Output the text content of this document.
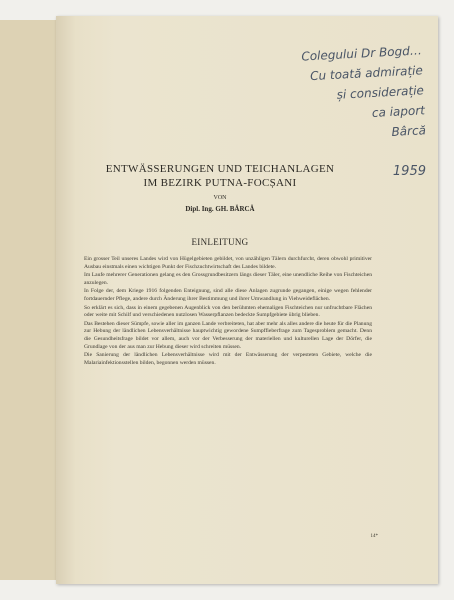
Colegului Dr Bogd…
Cu toată admirație
și considerație
ca iaport
Bârcă
1959
ENTWÄSSERUNGEN UND TEICHANLAGEN
IM BEZIRK PUTNA-FOCȘANI
VON
Dipl. Ing. GH. BĂRCĂ
EINLEITUNG

Ein grosser Teil unseres Landes wird von Hügelgebieten gebildet, von unzähligen Tälern durchfurcht, deren obwohl primitiver Ausbau einstmals einen wichtigen Punkt der Fischzuchtwirtschaft des Landes bildete.

Im Laufe mehrerer Generationen gelang es den Grossgrundbesitzern längs dieser Täler, eine unendliche Reihe von Fischteichen anzulegen.

In Folge der, dem Kriege 1916 folgenden Enteignung, sind alle diese Anlagen zugrunde gegangen, einige wegen fehlender fortdauernder Pflege, andere durch Änderung ihrer Bestimmung und ihrer Umwandlung in Viehweideflächen.

So erklärt es sich, dass in einem gegebenen Augenblick von den berühmten ehemaligen Fischteichen nur unfruchtbare Flächen oder weite mit Schilf und verschiedenen nutzlosen Wasserpflanzen bedeckte Sumpfgebiete übrig blieben.

Das Bestehen dieser Sümpfe, sowie aller im ganzen Lande verbreiteten, hat aber mehr als alles andere die heute für die Planung zur Hebung der ländlichen Lebensverhältnisse hauptwichtig gewordene Sumpffieberfrage zum Tagesproblem gemacht. Denn die Gesundheitsfrage bildet vor allem, auch vor der Verbesserung der materiellen und kulturellen Lage der Dörfer, die Grundlage von der aus man zur Hebung dieser wird schreiten müssen.

Die Sanierung der ländlichen Lebensverhältnisse wird mit der Entwässerung der verpesteten Gebiete, welche die Malariainfektionsstellen bilden, begonnen werden müssen.

14*
